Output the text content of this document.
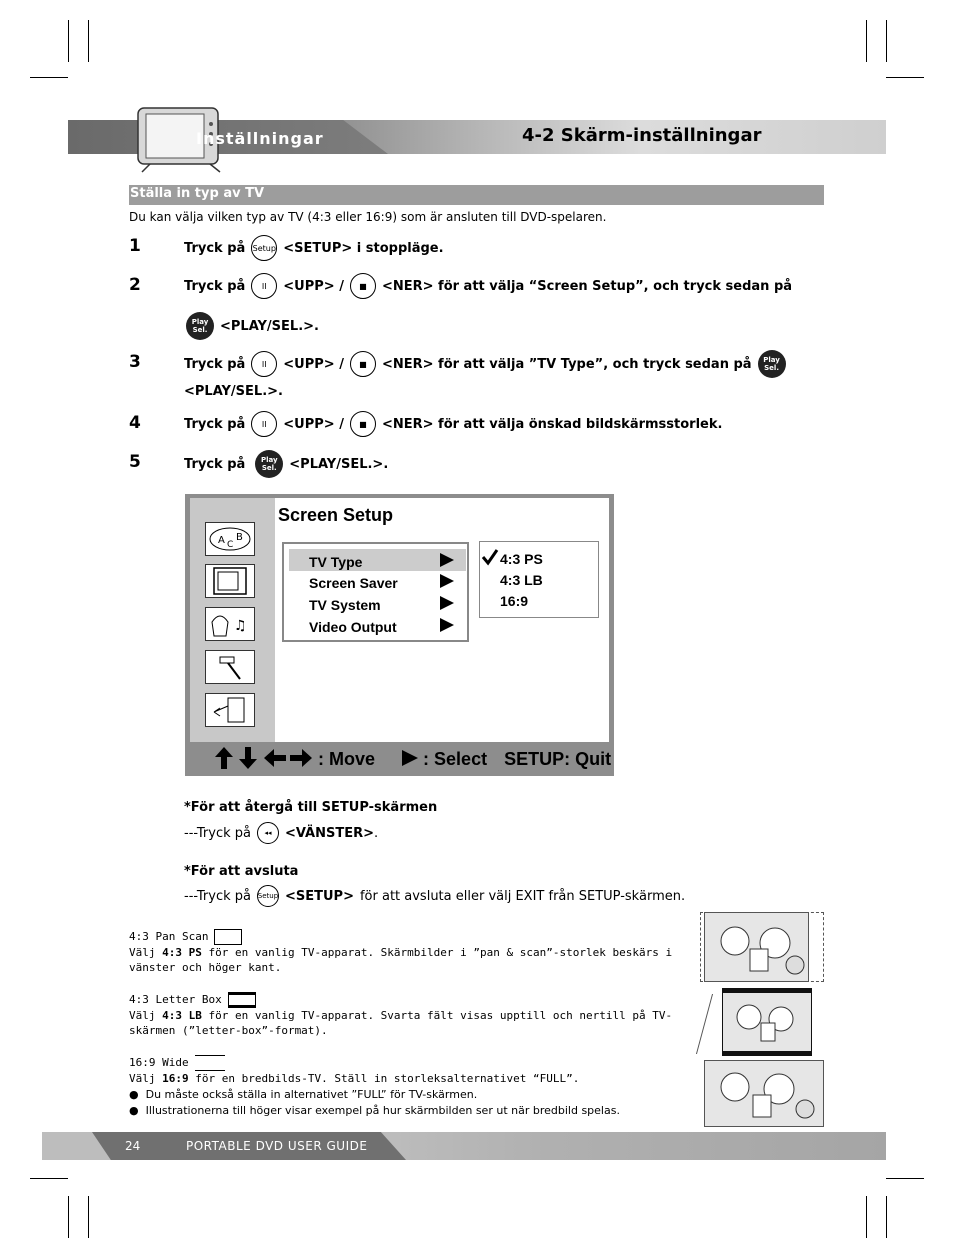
Inställningar	4-2 Skärm-inställningar
Ställa in typ av TV
Du kan välja vilken typ av TV (4:3 eller 16:9) som är ansluten till DVD-spelaren.
1	Tryck på Setup <SETUP> i stoppläge.
2	Tryck på	II	<UPP> /	■	<NER> för att välja “Screen Setup”, och tryck sedan på
Play
Sel. <PLAY/SEL.>.
3	Tryck på	II	<UPP> /	■	<NER> för att välja ”TV Type”, och tryck sedan på Play
Sel.
<PLAY/SEL.>.
4	Tryck på	II	<UPP> /	■	<NER> för att välja önskad bildskärmsstorlek.
5	Tryck på Play
Sel. <PLAY/SEL.>.
A C
B
♫
Screen Setup
TV Type
Screen Saver
TV System
Video Output
4:3 PS
4:3 LB
16:9
: Move	: Select SETUP: Quit
*För att återgå till SETUP-skärmen
---Tryck på	◂◂	<VÄNSTER> .
*För att avsluta
---Tryck på Setup <SETUP> för att avsluta eller välj EXIT från SETUP-skärmen.
4:3 Pan Scan
Välj 4:3 PS för en vanlig TV-apparat. Skärmbilder i ”pan & scan”-storlek beskärs i vänster och höger kant.
4:3 Letter Box
Välj 4:3 LB för en vanlig TV-apparat. Svarta fält visas upptill och nertill på TV-skärmen (”letter-box”-format).
16:9 Wide
Välj 16:9 för en bredbilds-TV. Ställ in storleksalternativet “FULL”.
●  Du måste också ställa in alternativet ”FULL” för TV-skärmen.
●  Illustrationerna till höger visar exempel på hur skärmbilden ser ut när bredbild spelas.
24	PORTABLE DVD USER GUIDE
